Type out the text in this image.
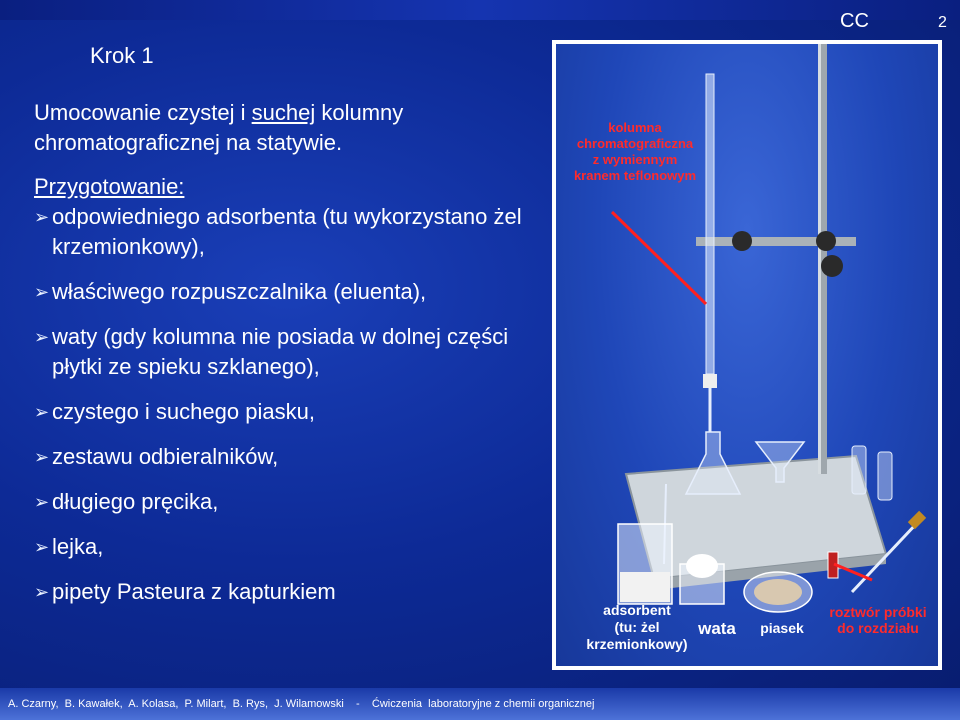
CC	2
Krok 1

Umocowanie czystej i suchej kolumny chromatograficznej na statywie.

Przygotowanie:

➢ odpowiedniego adsorbenta (tu wykorzystano żel krzemionkowy),
➢ właściwego rozpuszczalnika (eluenta),
➢ waty (gdy kolumna nie posiada w dolnej części płytki ze spieku szklanego),
➢ czystego i suchego piasku,
➢ zestawu odbieralników,
➢ długiego pręcika,
➢ lejka,
➢ pipety Pasteura z kapturkiem
kolumna
chromatograficzna
z wymiennym
kranem teflonowym
adsorbent
(tu: żel
krzemionkowy)
wata	piasek
roztwór próbki
do rozdziału
A. Czarny,  B. Kawałek,  A. Kolasa,  P. Milart,  B. Rys,  J. Wilamowski    -    Ćwiczenia  laboratoryjne z chemii organicznej
